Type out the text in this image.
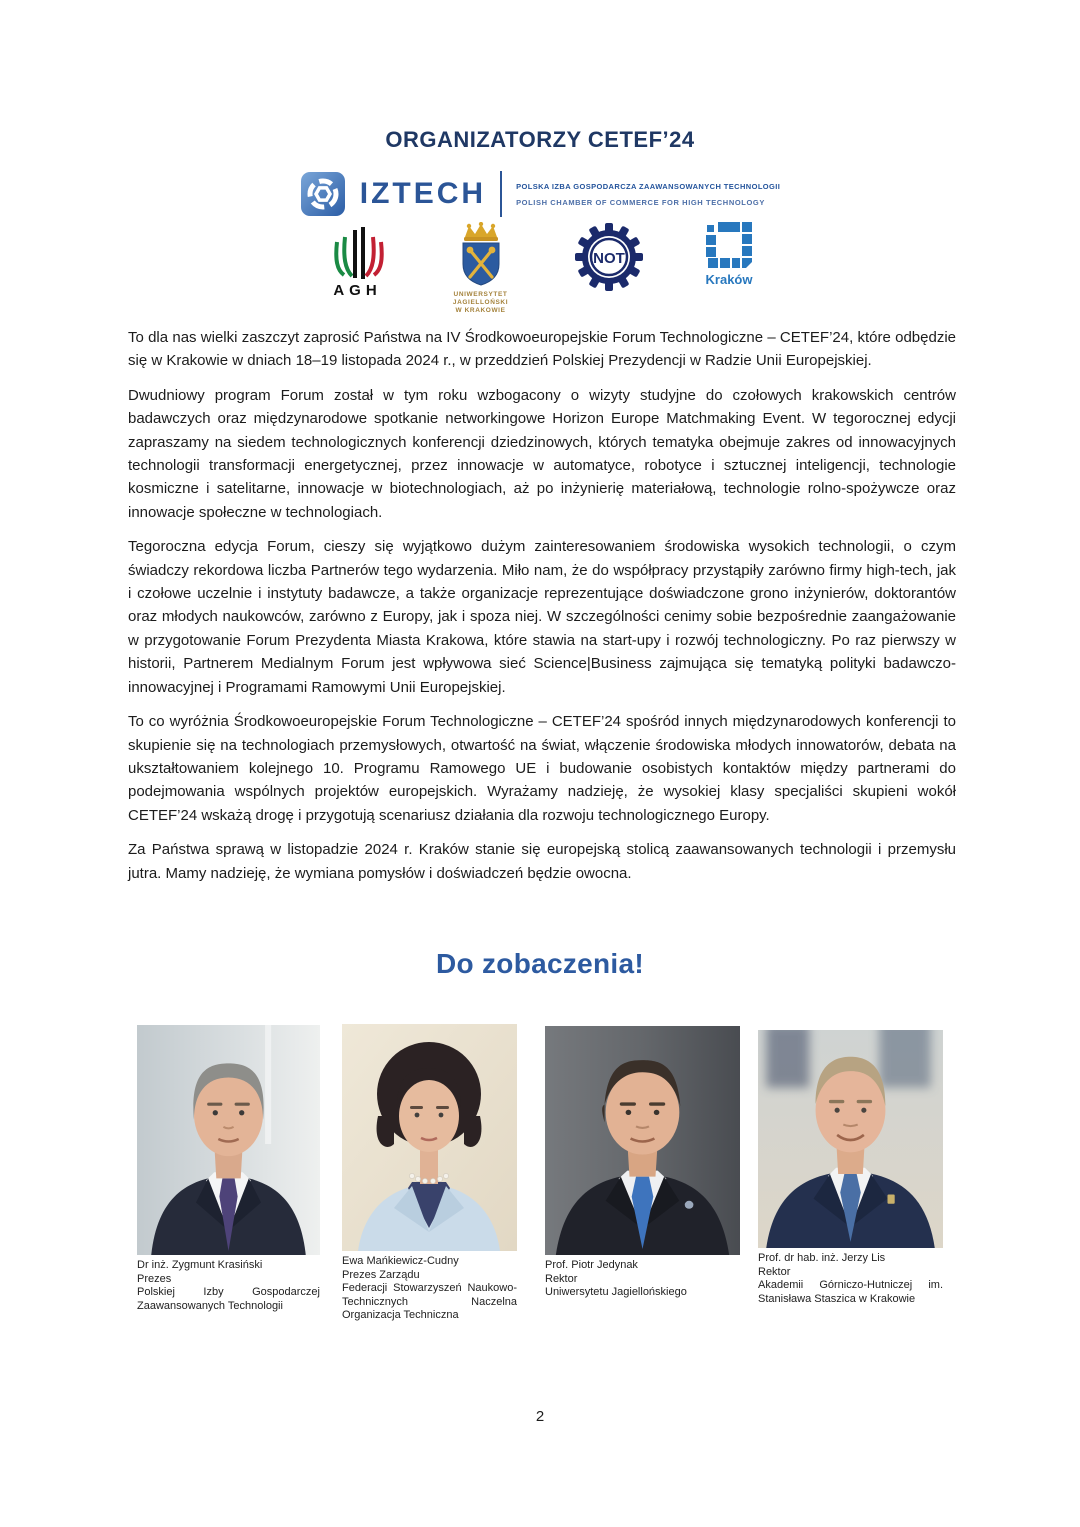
ORGANIZATORZY CETEF’24
IZTECH	POLSKA IZBA GOSPODARCZA ZAAWANSOWANYCH TECHNOLOGII
POLISH CHAMBER OF COMMERCE FOR HIGH TECHNOLOGY
AGH	UNIWERSYTET
JAGIELLOŃSKI
W KRAKOWIE
NOT
Kraków

To dla nas wielki zaszczyt zaprosić Państwa na IV Środkowoeuropejskie Forum Technologiczne – CETEF’24, które odbędzie się w Krakowie w dniach 18–19 listopada 2024 r., w przeddzień Polskiej Prezydencji w Radzie Unii Europejskiej.

Dwudniowy program Forum został w tym roku wzbogacony o wizyty studyjne do czołowych krakowskich centrów badawczych oraz międzynarodowe spotkanie networkingowe Horizon Europe Matchmaking Event. W tegorocznej edycji zapraszamy na siedem technologicznych konferencji dziedzinowych, których tematyka obejmuje zakres od innowacyjnych technologii transformacji energetycznej, przez innowacje w automatyce, robotyce i sztucznej inteligencji, technologie kosmiczne i satelitarne, innowacje w biotechnologiach, aż po inżynierię materiałową, technologie rolno-spożywcze oraz innowacje społeczne w technologiach.

Tegoroczna edycja Forum, cieszy się wyjątkowo dużym zainteresowaniem środowiska wysokich technologii, o czym świadczy rekordowa liczba Partnerów tego wydarzenia. Miło nam, że do współpracy przystąpiły zarówno firmy high-tech, jak i czołowe uczelnie i instytuty badawcze, a także organizacje reprezentujące doświadczone grono inżynierów, doktorantów oraz młodych naukowców, zarówno z Europy, jak i spoza niej. W szczególności cenimy sobie bezpośrednie zaangażowanie w przygotowanie Forum Prezydenta Miasta Krakowa, które stawia na start-upy i rozwój technologiczny. Po raz pierwszy w historii, Partnerem Medialnym Forum jest wpływowa sieć Science|Business zajmująca się tematyką polityki badawczo-innowacyjnej i Programami Ramowymi Unii Europejskiej.

To co wyróżnia Środkowoeuropejskie Forum Technologiczne – CETEF’24 spośród innych międzynarodowych konferencji to skupienie się na technologiach przemysłowych, otwartość na świat, włączenie środowiska młodych innowatorów, debata na ukształtowaniem kolejnego 10. Programu Ramowego UE i budowanie osobistych kontaktów między partnerami do podejmowania wspólnych projektów europejskich. Wyrażamy nadzieję, że wysokiej klasy specjaliści skupieni wokół CETEF’24 wskażą drogę i przygotują scenariusz działania dla rozwoju technologicznego Europy.

Za Państwa sprawą w listopadzie 2024 r. Kraków stanie się europejską stolicą zaawansowanych technologii i przemysłu jutra. Mamy nadzieję, że wymiana pomysłów i doświadczeń będzie owocna.

Do zobaczenia!
Dr inż. Zygmunt Krasiński
Prezes
Polskiej Izby Gospodarczej Zaawansowanych Technologii
Ewa Mańkiewicz-Cudny
Prezes Zarządu
Federacji Stowarzyszeń Naukowo-Technicznych Naczelna Organizacja Techniczna
Prof. Piotr Jedynak
Rektor
Uniwersytetu Jagiellońskiego
Prof. dr hab. inż. Jerzy Lis
Rektor
Akademii Górniczo-Hutniczej im. Stanisława Staszica w Krakowie
2
